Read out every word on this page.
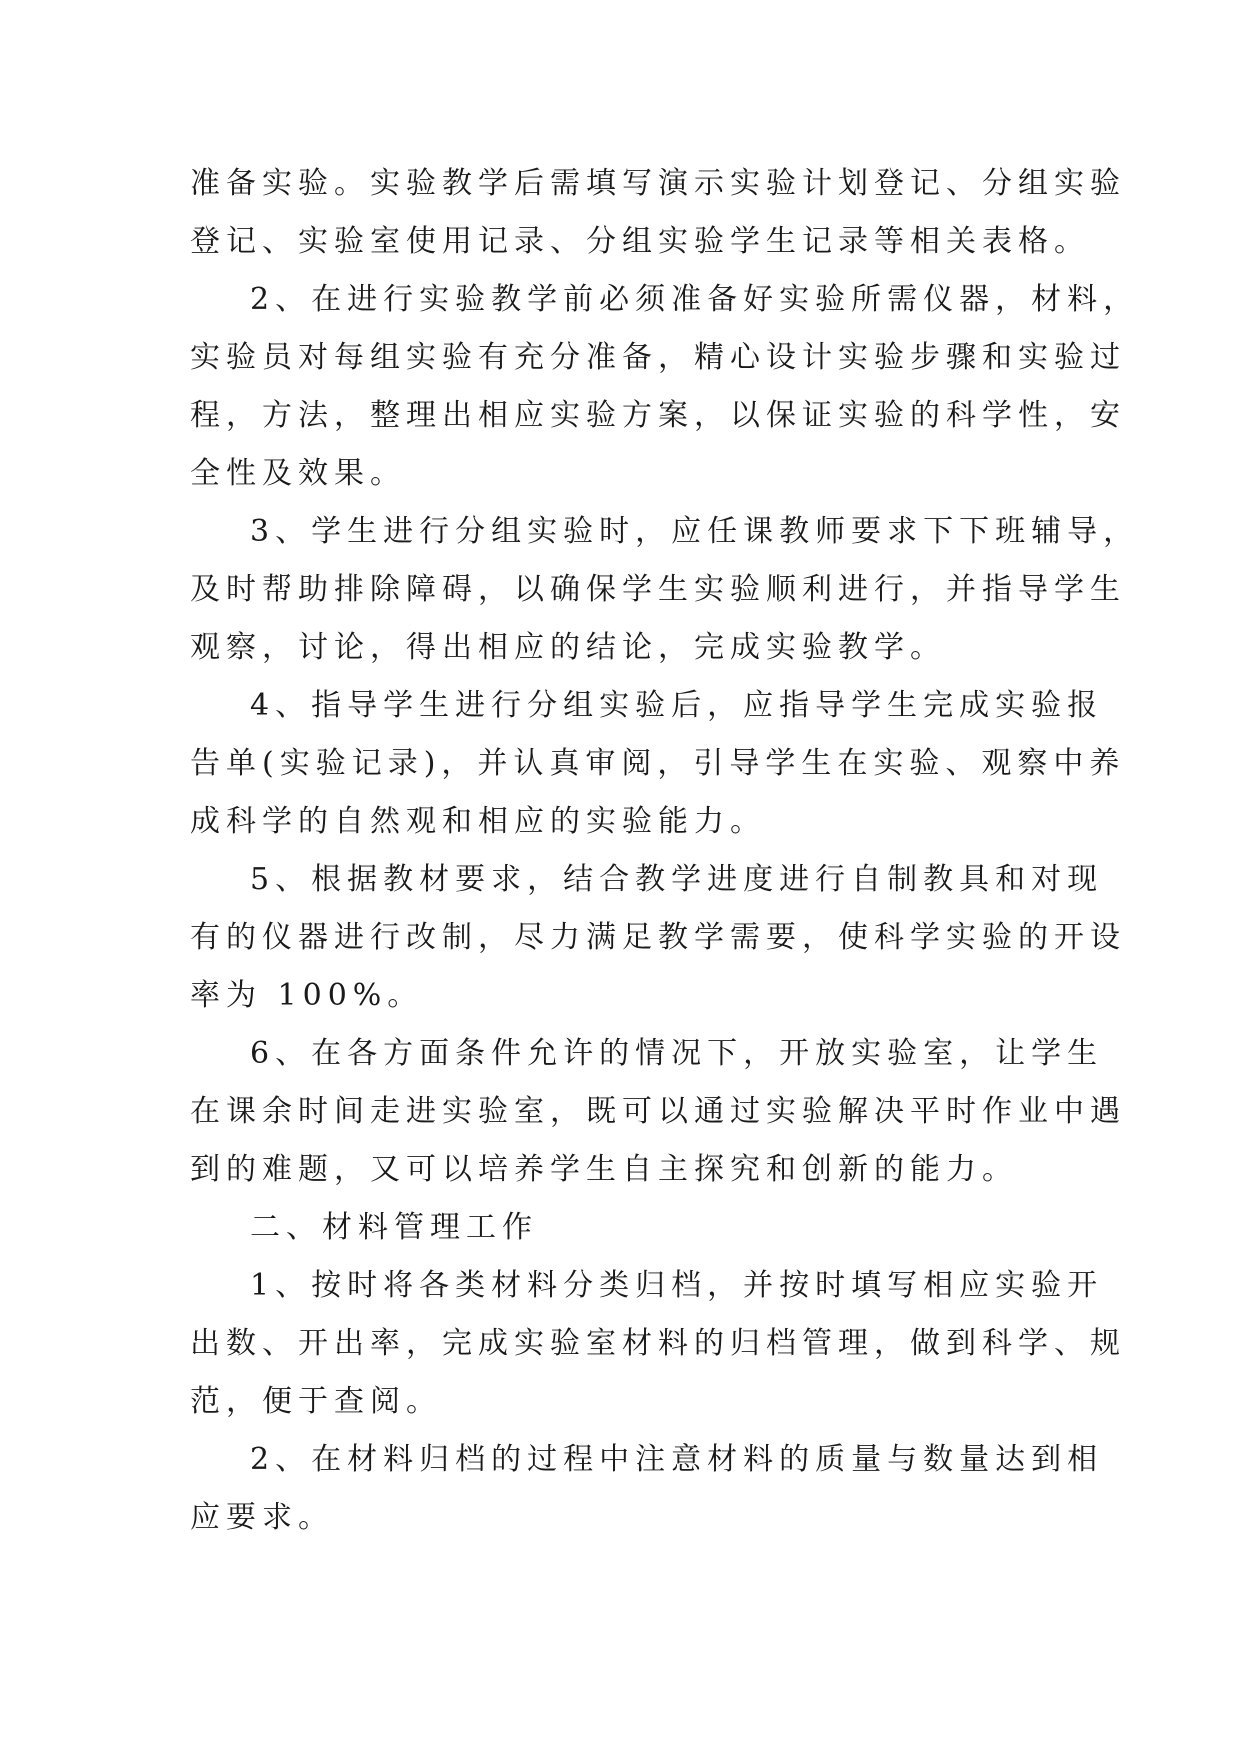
准备实验。实验教学后需填写演示实验计划登记、分组实验
登记、实验室使用记录、分组实验学生记录等相关表格。
2、在进行实验教学前必须准备好实验所需仪器，材料，
实验员对每组实验有充分准备，精心设计实验步骤和实验过
程，方法，整理出相应实验方案，以保证实验的科学性，安
全性及效果。
3、学生进行分组实验时，应任课教师要求下下班辅导，
及时帮助排除障碍，以确保学生实验顺利进行，并指导学生
观察，讨论，得出相应的结论，完成实验教学。
4、指导学生进行分组实验后，应指导学生完成实验报
告单(实验记录)，并认真审阅，引导学生在实验、观察中养
成科学的自然观和相应的实验能力。
5、根据教材要求，结合教学进度进行自制教具和对现
有的仪器进行改制，尽力满足教学需要，使科学实验的开设
率为 100%。
6、在各方面条件允许的情况下，开放实验室，让学生
在课余时间走进实验室，既可以通过实验解决平时作业中遇
到的难题，又可以培养学生自主探究和创新的能力。
二、材料管理工作
1、按时将各类材料分类归档，并按时填写相应实验开
出数、开出率，完成实验室材料的归档管理，做到科学、规
范，便于查阅。
2、在材料归档的过程中注意材料的质量与数量达到相
应要求。
